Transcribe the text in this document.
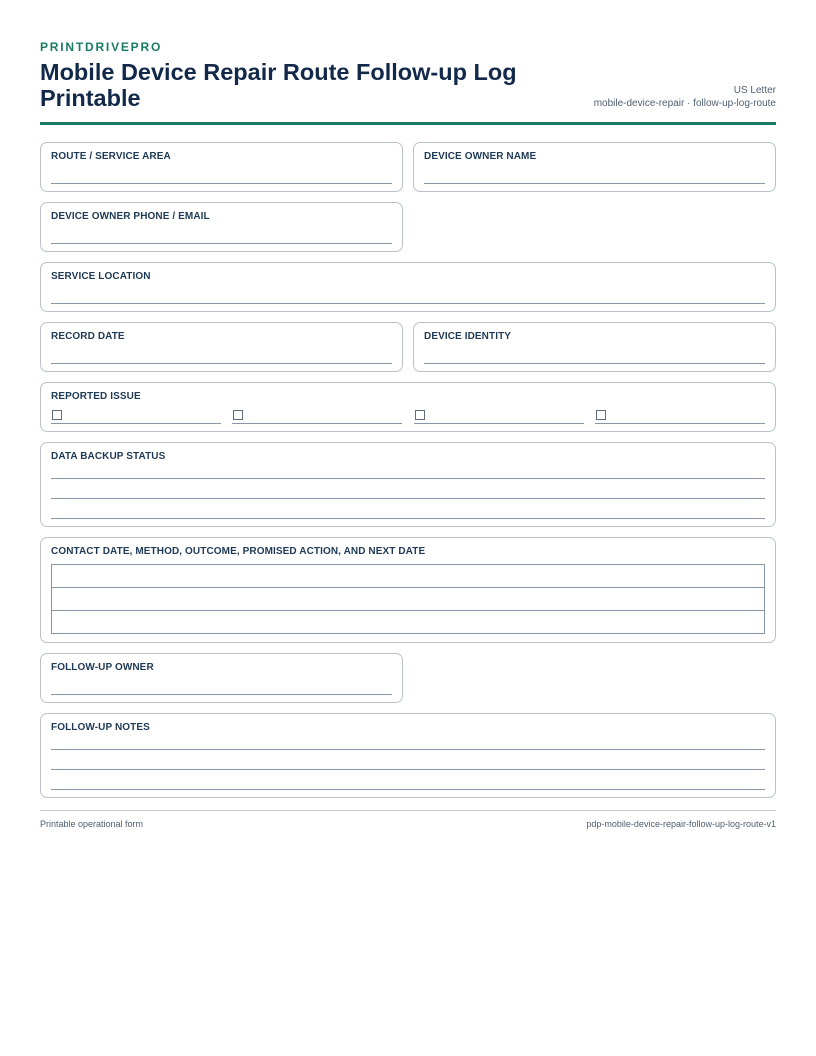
PRINTDRIVEPRO
Mobile Device Repair Route Follow-up Log Printable	US Letter
mobile-device-repair · follow-up-log-route
ROUTE / SERVICE AREA	DEVICE OWNER NAME
DEVICE OWNER PHONE / EMAIL
SERVICE LOCATION
RECORD DATE	DEVICE IDENTITY
REPORTED ISSUE
DATA BACKUP STATUS
CONTACT DATE, METHOD, OUTCOME, PROMISED ACTION, AND NEXT DATE
FOLLOW-UP OWNER
FOLLOW-UP NOTES
Printable operational form	pdp-mobile-device-repair-follow-up-log-route-v1
